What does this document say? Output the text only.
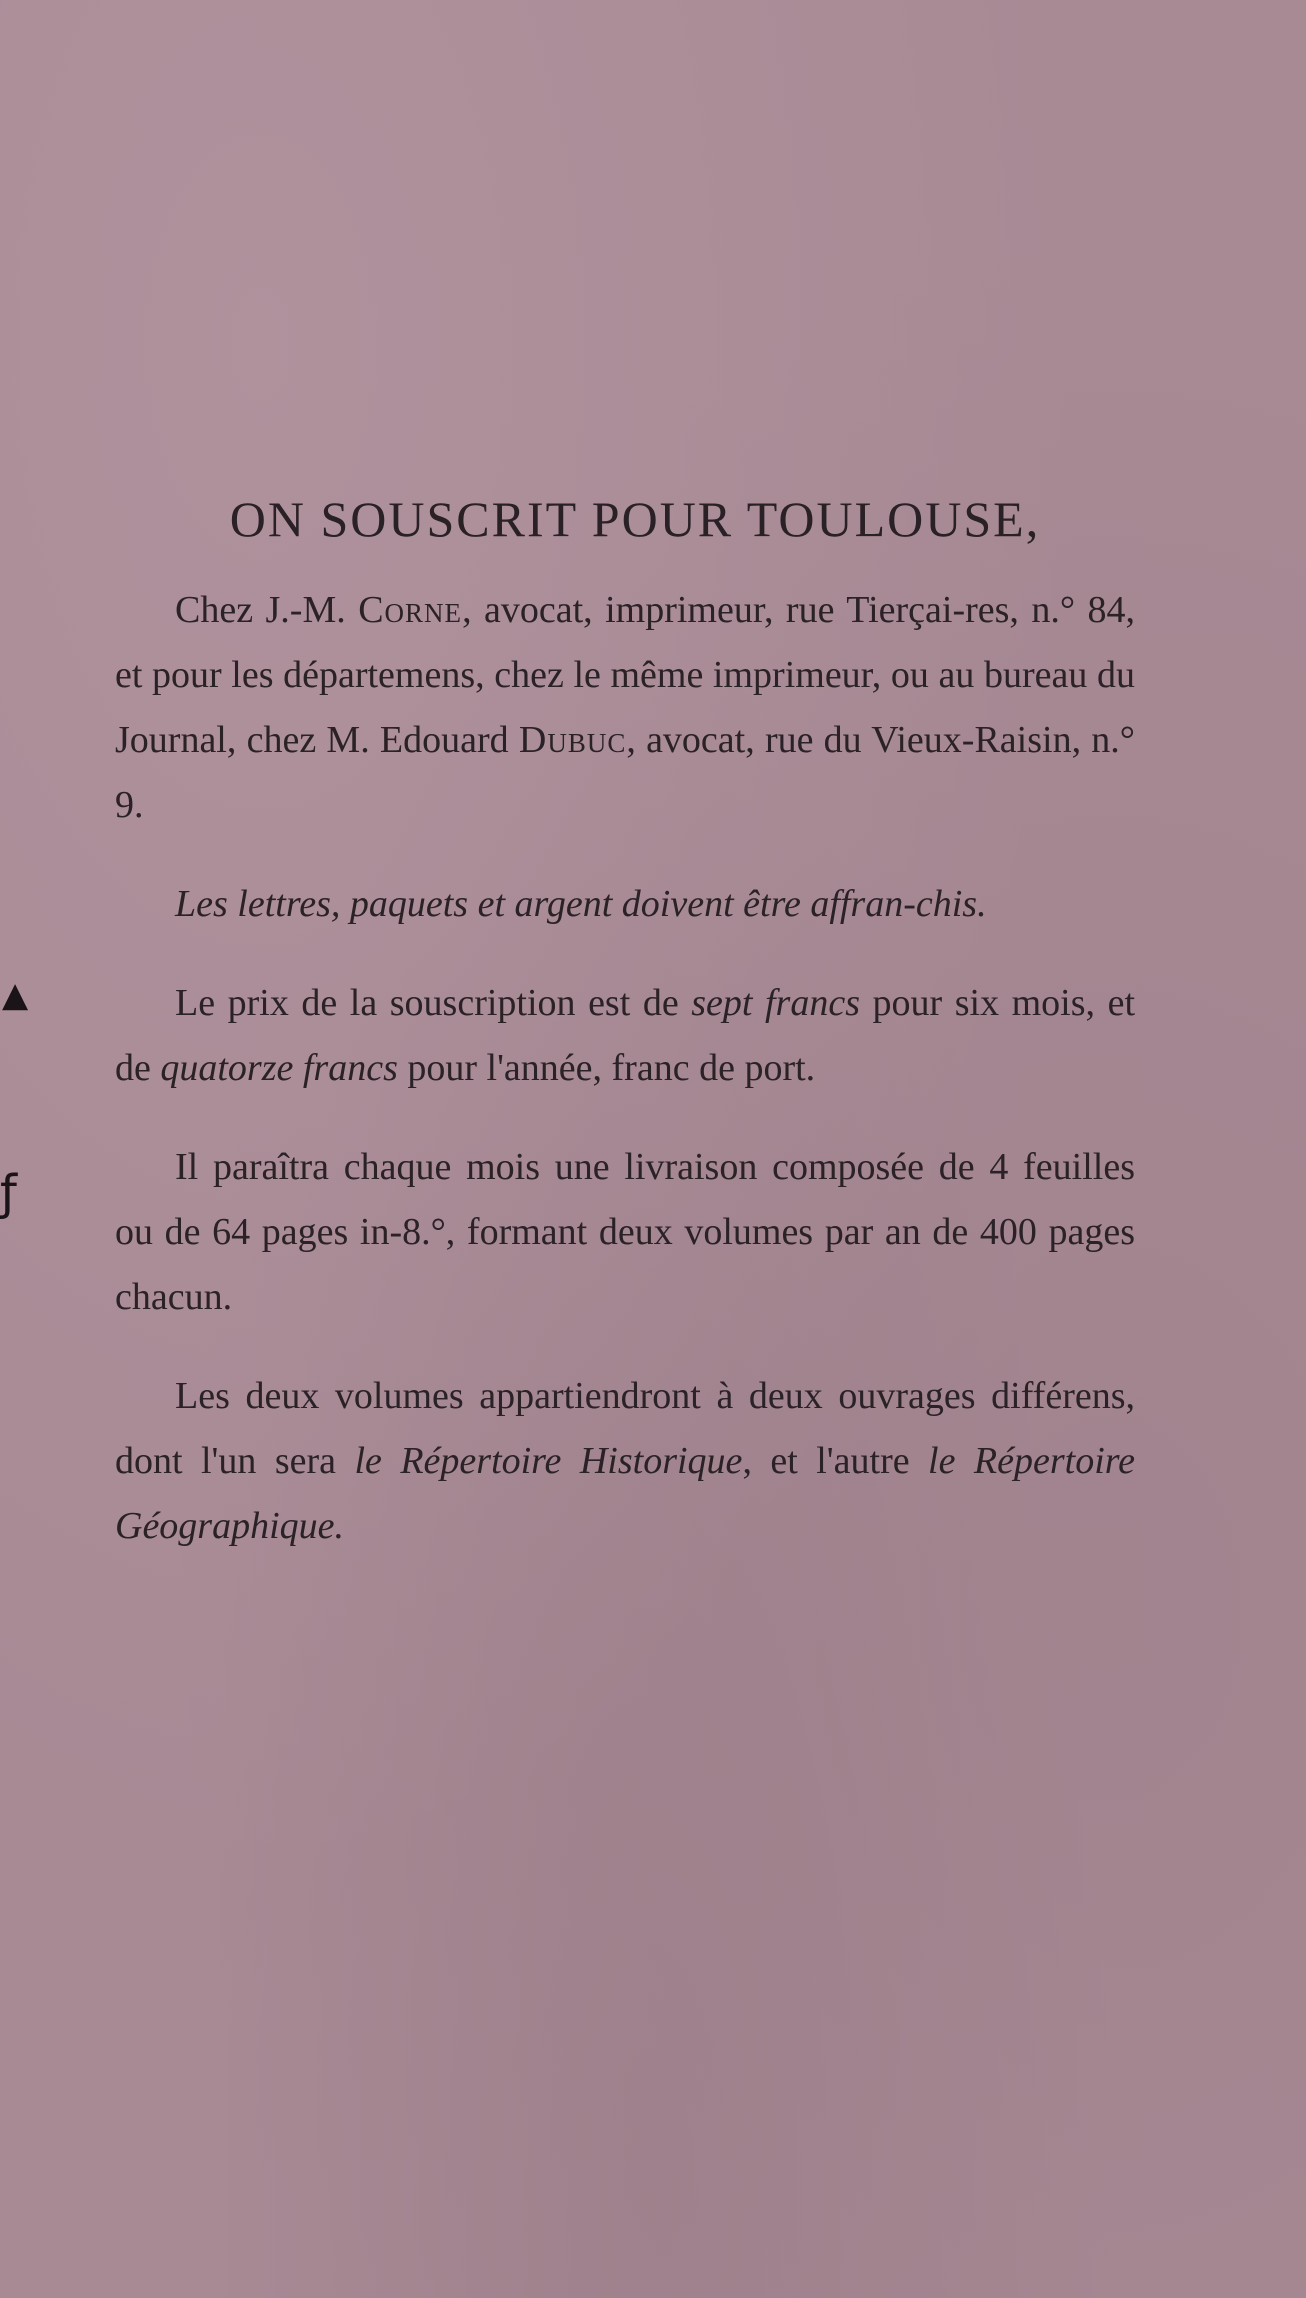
▲
ƒ
ON SOUSCRIT POUR TOULOUSE,

Chez J.-M. Corne, avocat, imprimeur, rue Tierçai-res, n.° 84, et pour les départemens, chez le même imprimeur, ou au bureau du Journal, chez M. Edouard Dubuc, avocat, rue du Vieux-Raisin, n.° 9.

Les lettres, paquets et argent doivent être affran-chis.

Le prix de la souscription est de sept francs pour six mois, et de quatorze francs pour l'année, franc de port.

Il paraîtra chaque mois une livraison composée de 4 feuilles ou de 64 pages in-8.°, formant deux volumes par an de 400 pages chacun.

Les deux volumes appartiendront à deux ouvrages différens, dont l'un sera le Répertoire Historique, et l'autre le Répertoire Géographique.
